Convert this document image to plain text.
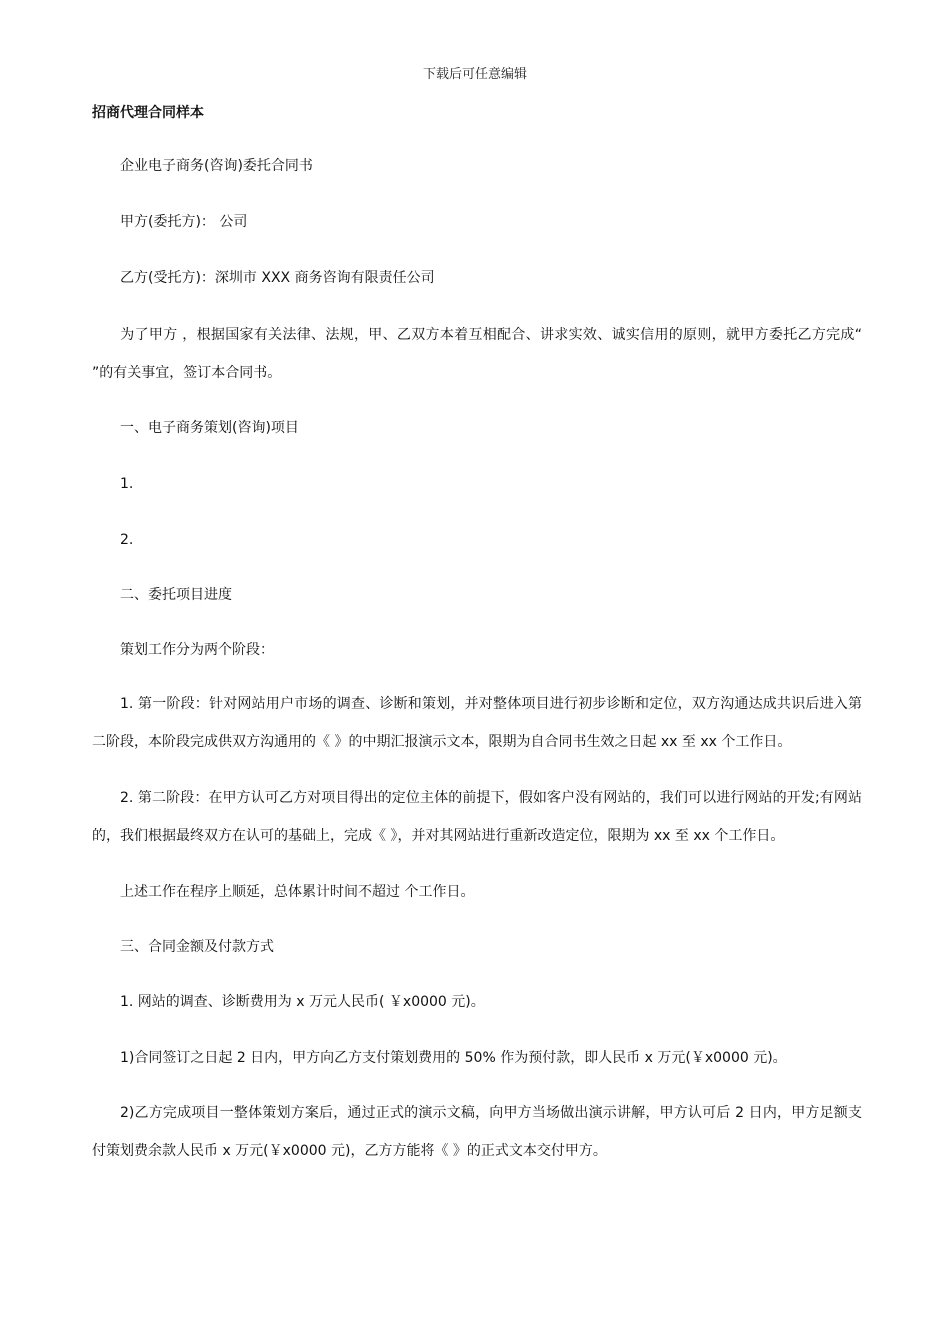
下载后可任意编辑
招商代理合同样本
企业电子商务(咨询)委托合同书
甲方(委托方)： 公司
乙方(受托方)：深圳市 XXX 商务咨询有限责任公司

为了甲方 ，根据国家有关法律、法规，甲、乙双方本着互相配合、讲求实效、诚实信用的原则，就甲方委托乙方完成“ ”的有关事宜，签订本合同书。

一、电子商务策划(咨询)项目
1.
2.
二、委托项目进度
策划工作分为两个阶段：

1. 第一阶段：针对网站用户市场的调查、诊断和策划，并对整体项目进行初步诊断和定位，双方沟通达成共识后进入第二阶段，本阶段完成供双方沟通用的《 》的中期汇报演示文本，限期为自合同书生效之日起 xx 至 xx 个工作日。

2. 第二阶段：在甲方认可乙方对项目得出的定位主体的前提下，假如客户没有网站的，我们可以进行网站的开发;有网站的，我们根据最终双方在认可的基础上，完成《 》，并对其网站进行重新改造定位，限期为 xx 至 xx 个工作日。

上述工作在程序上顺延，总体累计时间不超过 个工作日。
三、合同金额及付款方式
1. 网站的调查、诊断费用为 x 万元人民币( ￥x0000 元)。
1)合同签订之日起 2 日内，甲方向乙方支付策划费用的 50% 作为预付款，即人民币 x 万元(￥x0000 元)。

2)乙方完成项目一整体策划方案后，通过正式的演示文稿，向甲方当场做出演示讲解，甲方认可后 2 日内，甲方足额支付策划费余款人民币 x 万元(￥x0000 元)，乙方方能将《 》的正式文本交付甲方。
